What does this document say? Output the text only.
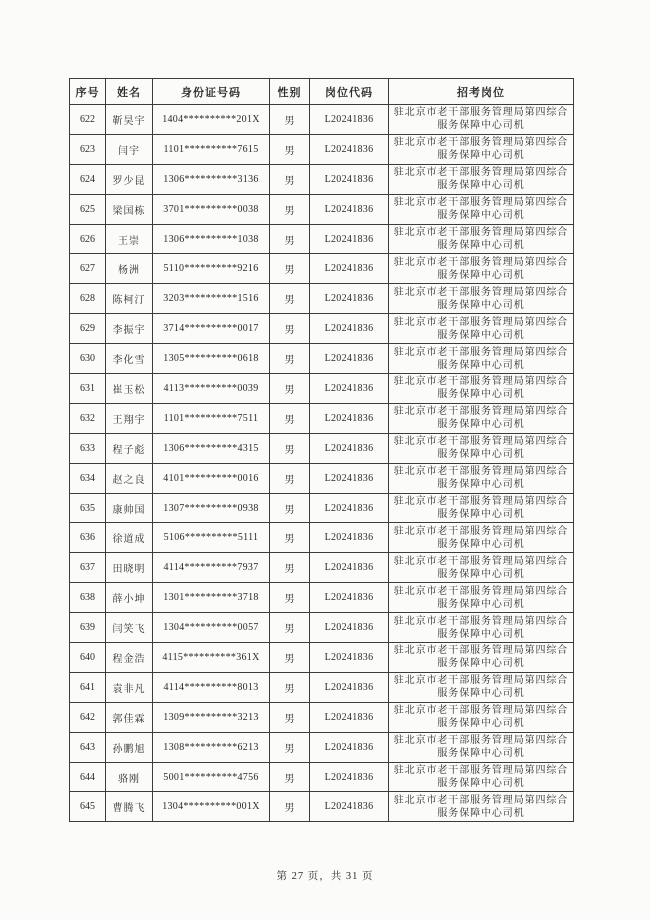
序号	姓名	身份证号码	性别	岗位代码	招考岗位
622	靳昊宇	1404**********201X	男	L20241836	驻北京市老干部服务管理局第四综合服务保障中心司机
623	闫宇	1101**********7615	男	L20241836	驻北京市老干部服务管理局第四综合服务保障中心司机
624	罗少昆	1306**********3136	男	L20241836	驻北京市老干部服务管理局第四综合服务保障中心司机
625	梁国栋	3701**********0038	男	L20241836	驻北京市老干部服务管理局第四综合服务保障中心司机
626	王崇	1306**********1038	男	L20241836	驻北京市老干部服务管理局第四综合服务保障中心司机
627	杨洲	5110**********9216	男	L20241836	驻北京市老干部服务管理局第四综合服务保障中心司机
628	陈柯汀	3203**********1516	男	L20241836	驻北京市老干部服务管理局第四综合服务保障中心司机
629	李振宇	3714**********0017	男	L20241836	驻北京市老干部服务管理局第四综合服务保障中心司机
630	李化雪	1305**********0618	男	L20241836	驻北京市老干部服务管理局第四综合服务保障中心司机
631	崔玉松	4113**********0039	男	L20241836	驻北京市老干部服务管理局第四综合服务保障中心司机
632	王翔宇	1101**********7511	男	L20241836	驻北京市老干部服务管理局第四综合服务保障中心司机
633	程子彪	1306**********4315	男	L20241836	驻北京市老干部服务管理局第四综合服务保障中心司机
634	赵之良	4101**********0016	男	L20241836	驻北京市老干部服务管理局第四综合服务保障中心司机
635	康帅国	1307**********0938	男	L20241836	驻北京市老干部服务管理局第四综合服务保障中心司机
636	徐道成	5106**********5111	男	L20241836	驻北京市老干部服务管理局第四综合服务保障中心司机
637	田晓明	4114**********7937	男	L20241836	驻北京市老干部服务管理局第四综合服务保障中心司机
638	薛小坤	1301**********3718	男	L20241836	驻北京市老干部服务管理局第四综合服务保障中心司机
639	闫笑飞	1304**********0057	男	L20241836	驻北京市老干部服务管理局第四综合服务保障中心司机
640	程金浩	4115**********361X	男	L20241836	驻北京市老干部服务管理局第四综合服务保障中心司机
641	袁非凡	4114**********8013	男	L20241836	驻北京市老干部服务管理局第四综合服务保障中心司机
642	郭佳霖	1309**********3213	男	L20241836	驻北京市老干部服务管理局第四综合服务保障中心司机
643	孙鹏旭	1308**********6213	男	L20241836	驻北京市老干部服务管理局第四综合服务保障中心司机
644	骆刚	5001**********4756	男	L20241836	驻北京市老干部服务管理局第四综合服务保障中心司机
645	曹腾飞	1304**********001X	男	L20241836	驻北京市老干部服务管理局第四综合服务保障中心司机
第 27 页，共 31 页
